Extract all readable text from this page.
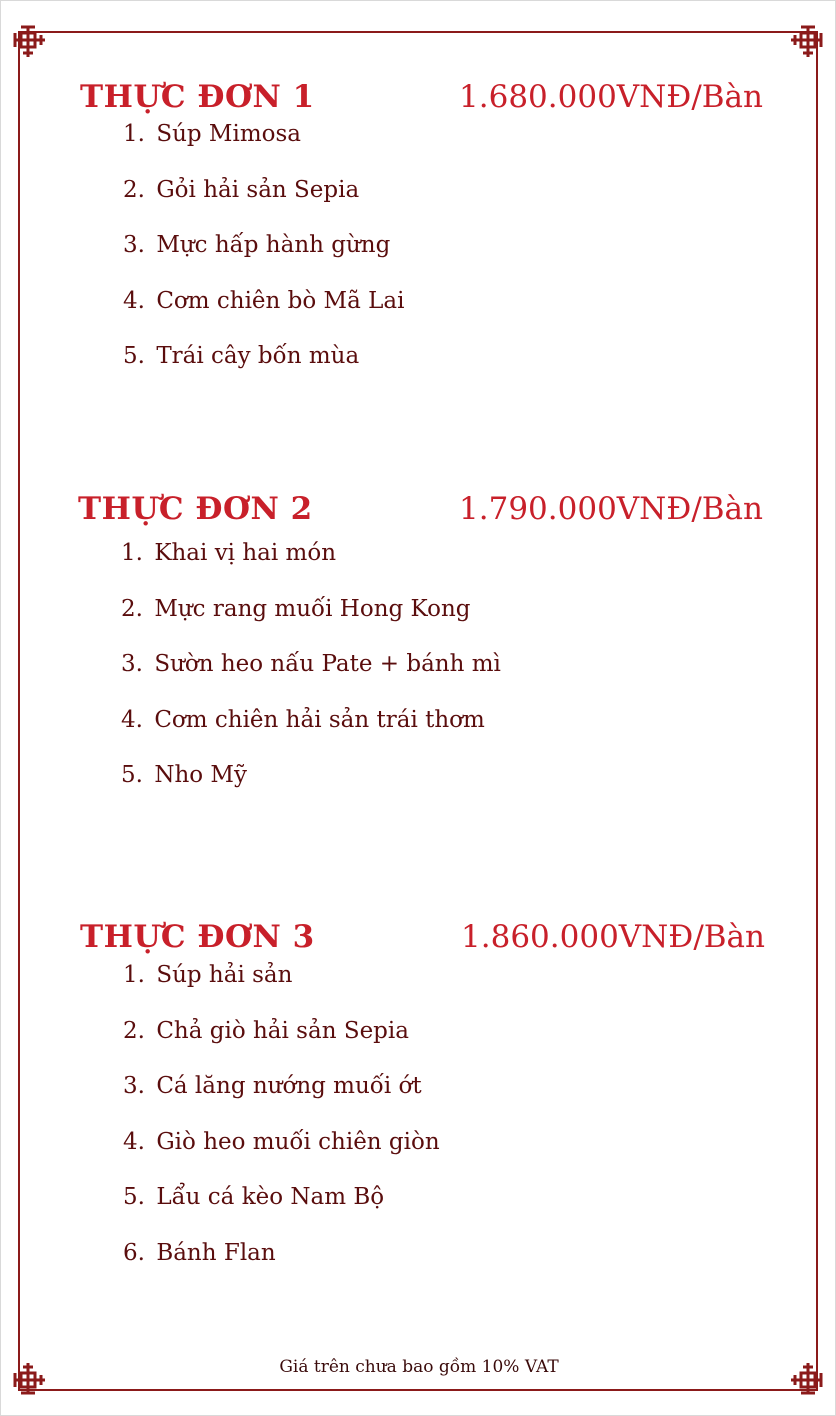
THỰC ĐƠN 1	1.680.000VNĐ/Bàn
1. Súp Mimosa
2. Gỏi hải sản Sepia
3. Mực hấp hành gừng
4. Cơm chiên bò Mã Lai
5. Trái cây bốn mùa
THỰC ĐƠN 2	1.790.000VNĐ/Bàn
1. Khai vị hai món
2. Mực rang muối Hong Kong
3. Sườn heo nấu Pate + bánh mì
4. Cơm chiên hải sản trái thơm
5. Nho Mỹ
THỰC ĐƠN 3	1.860.000VNĐ/Bàn
1. Súp hải sản
2. Chả giò hải sản Sepia
3. Cá lăng nướng muối ớt
4. Giò heo muối chiên giòn
5. Lẩu cá kèo Nam Bộ
6. Bánh Flan
Giá trên chưa bao gồm 10% VAT
